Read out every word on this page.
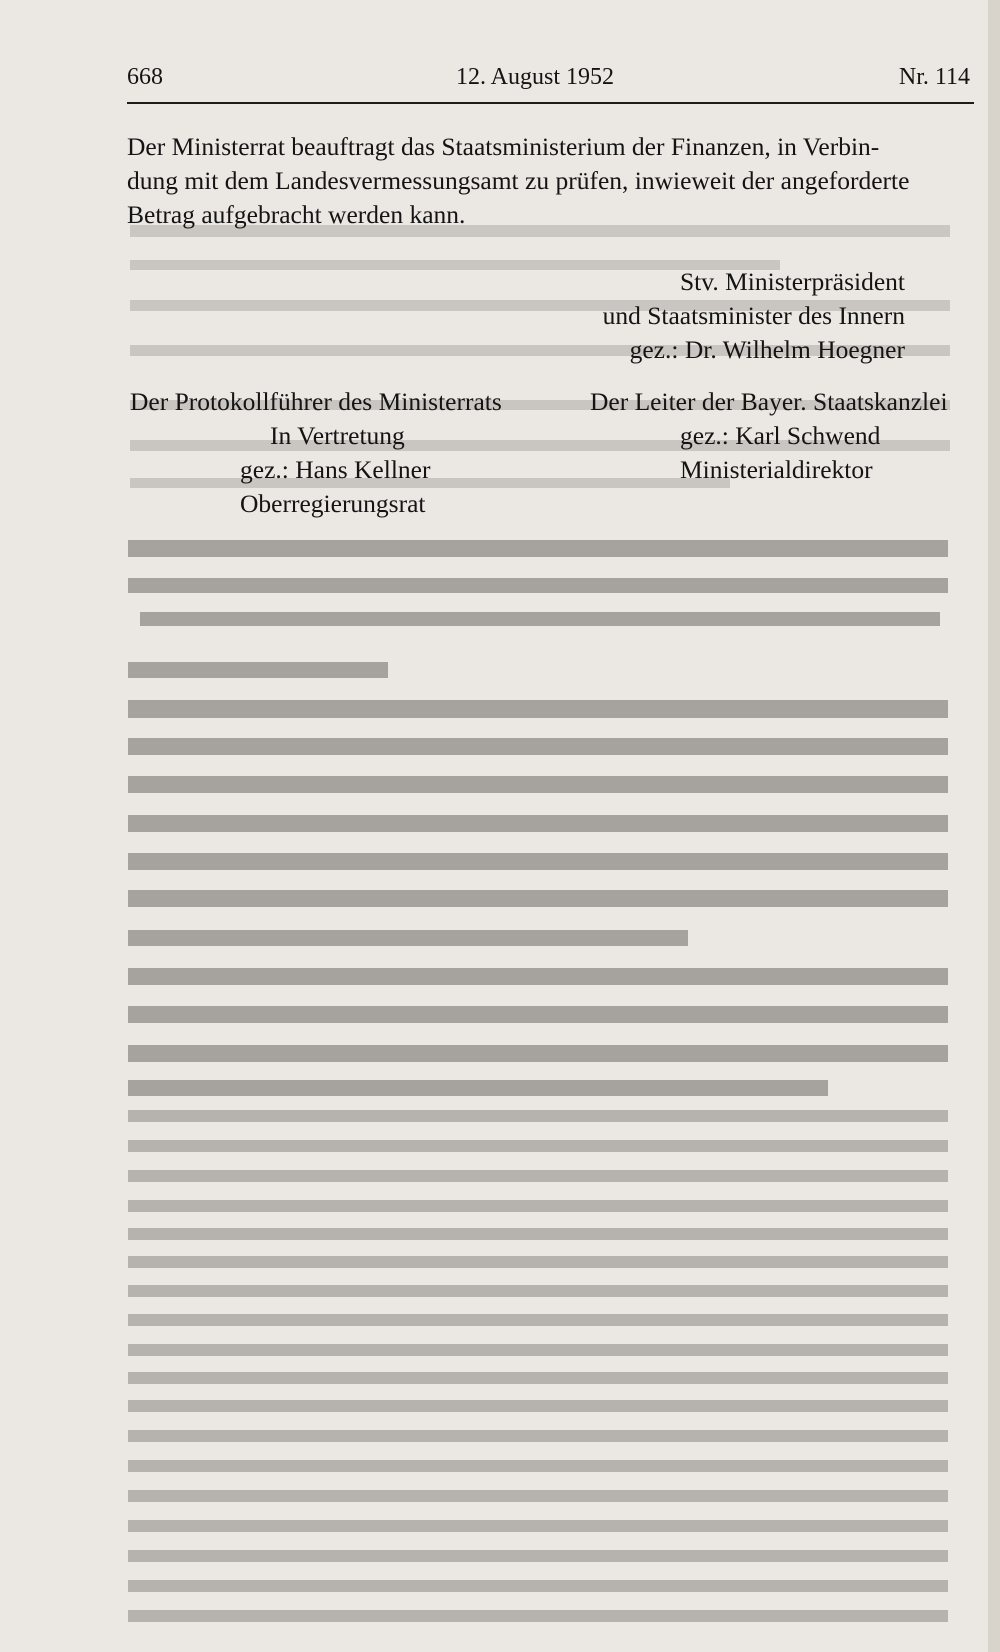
668	12. August 1952	Nr. 114
Der Ministerrat beauftragt das Staatsministerium der Finanzen, in Verbin-
dung mit dem Landesvermessungsamt zu prüfen, inwieweit der angeforderte
Betrag aufgebracht werden kann.
Stv. Ministerpräsident
und Staatsminister des Innern
gez.: Dr. Wilhelm Hoegner
Der Protokollführer des Ministerrats
In Vertretung
gez.: Hans Kellner
Oberregierungsrat
Der Leiter der Bayer. Staatskanzlei
gez.: Karl Schwend
Ministerialdirektor
